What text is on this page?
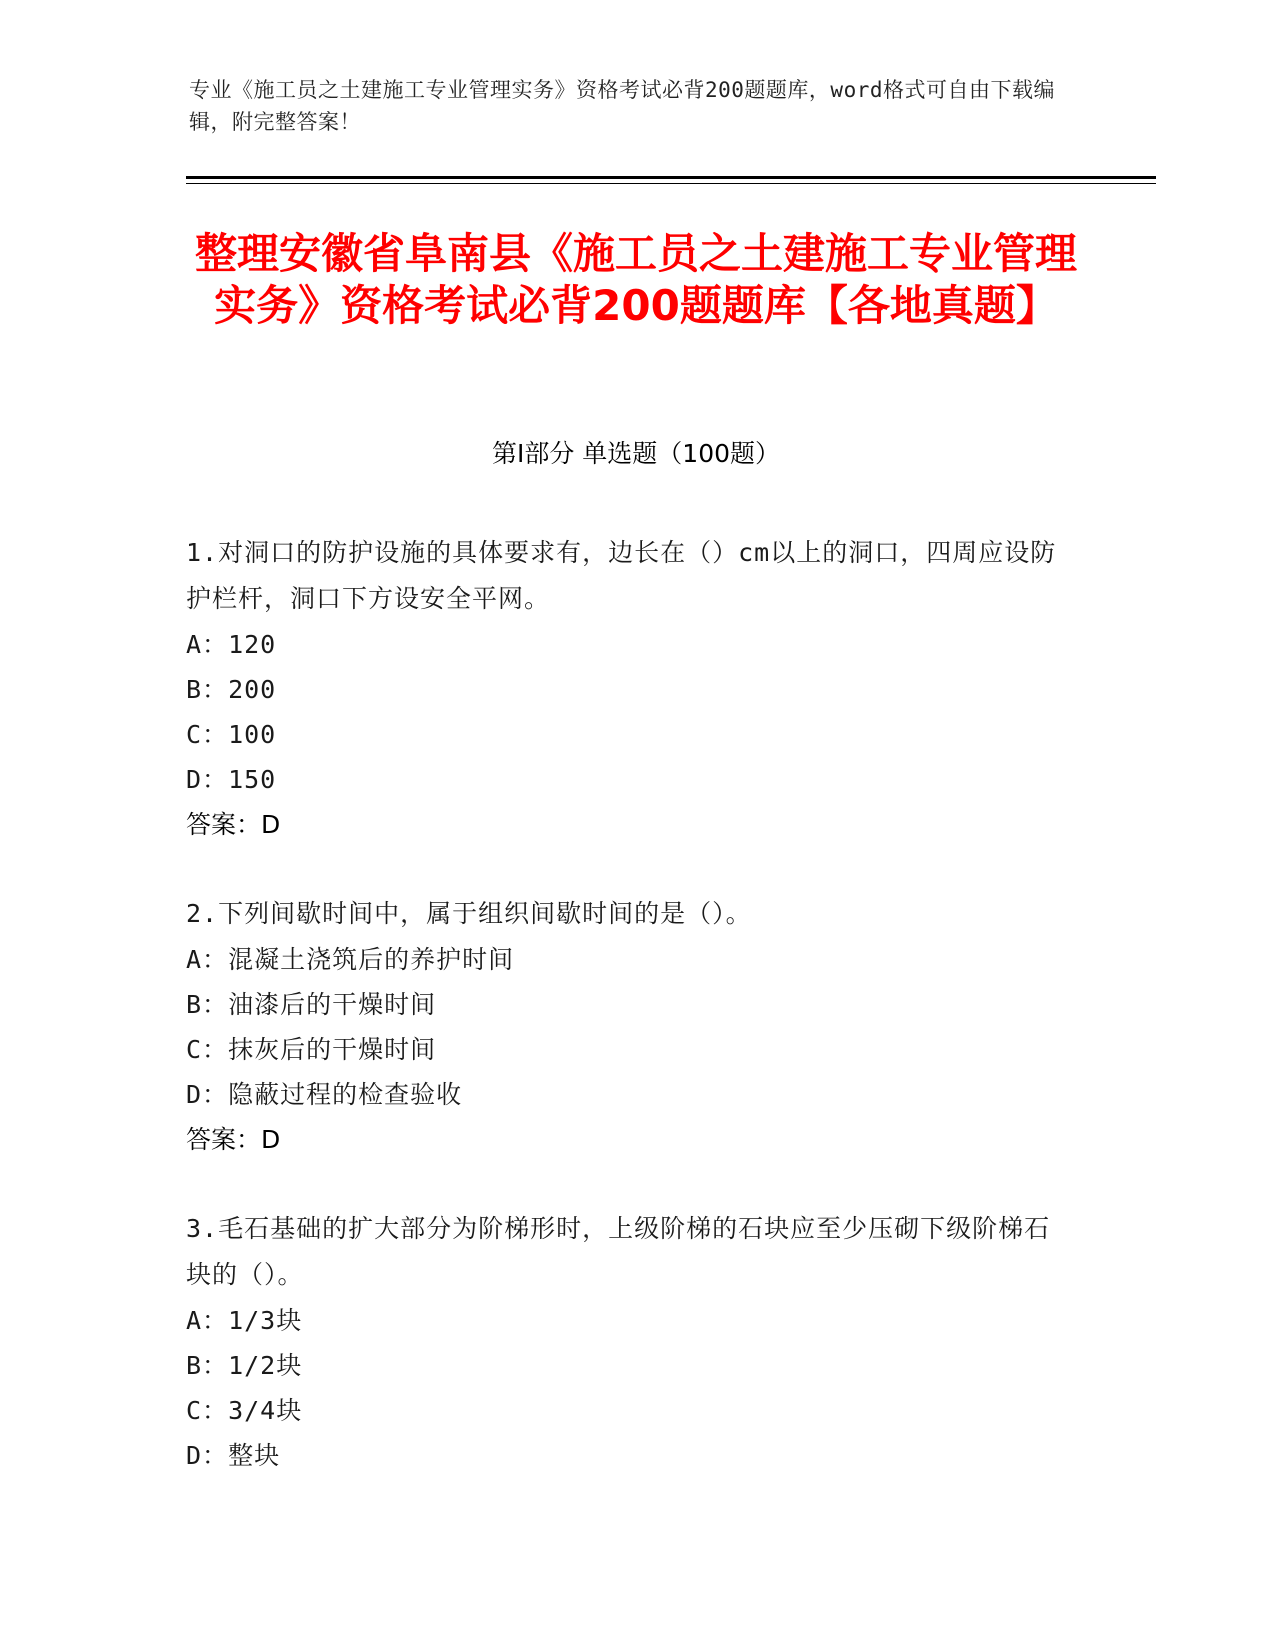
专业《施工员之土建施工专业管理实务》资格考试必背200题题库，word格式可自由下载编辑，附完整答案！
整理安徽省阜南县《施工员之土建施工专业管理实务》资格考试必背200题题库【各地真题】
第I部分 单选题（100题）
1.对洞口的防护设施的具体要求有，边长在（）cm以上的洞口，四周应设防护栏杆，洞口下方设安全平网。
A：120
B：200
C：100
D：150
答案：D
2.下列间歇时间中，属于组织间歇时间的是（）。
A：混凝土浇筑后的养护时间
B：油漆后的干燥时间
C：抹灰后的干燥时间
D：隐蔽过程的检查验收
答案：D
3.毛石基础的扩大部分为阶梯形时，上级阶梯的石块应至少压砌下级阶梯石块的（）。
A：1/3块
B：1/2块
C：3/4块
D：整块
